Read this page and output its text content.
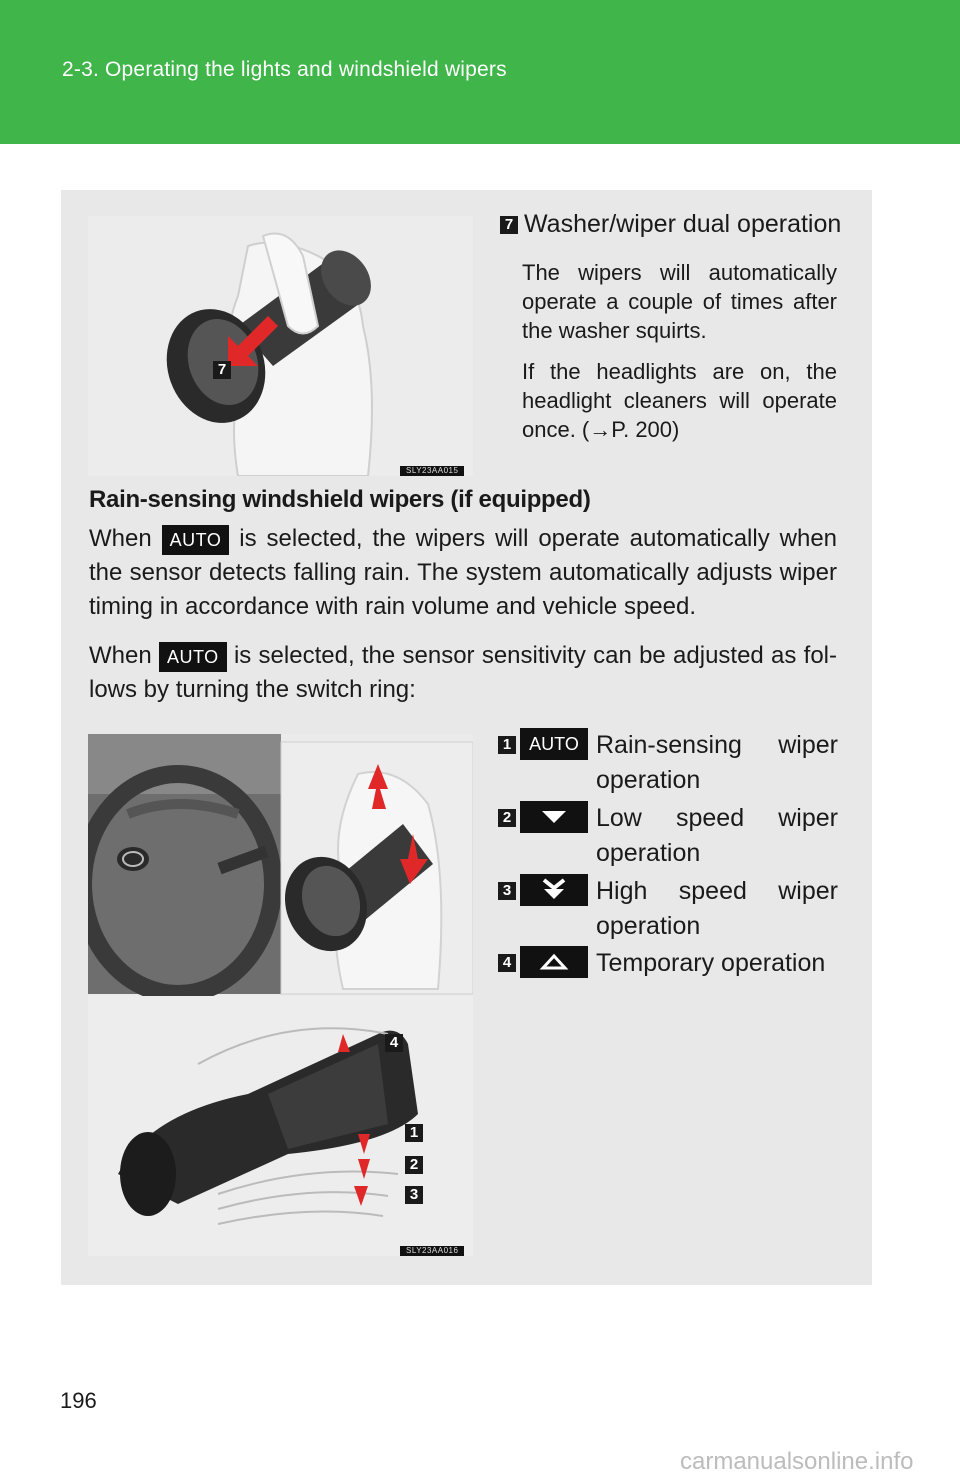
2-3. Operating the lights and windshield wipers
7
SLY23AA015
7 Washer/wiper dual operation
The wipers will automatically operate a couple of times after the washer squirts.
If the headlights are on, the headlight cleaners will operate once. (→P. 200)
Rain-sensing windshield wipers (if equipped)
When AUTO is selected, the wipers will operate automatically when the sensor detects falling rain. The system automatically adjusts wiper timing in accordance with rain volume and vehicle speed.
When AUTO is selected, the sensor sensitivity can be adjusted as fol-lows by turning the switch ring:
4
1
2
3
SLY23AA016
1 AUTO Rain-sensing wiper operation
2	Low speed wiper operation
3	High speed wiper operation
4	Temporary operation
196
carmanualsonline.info
